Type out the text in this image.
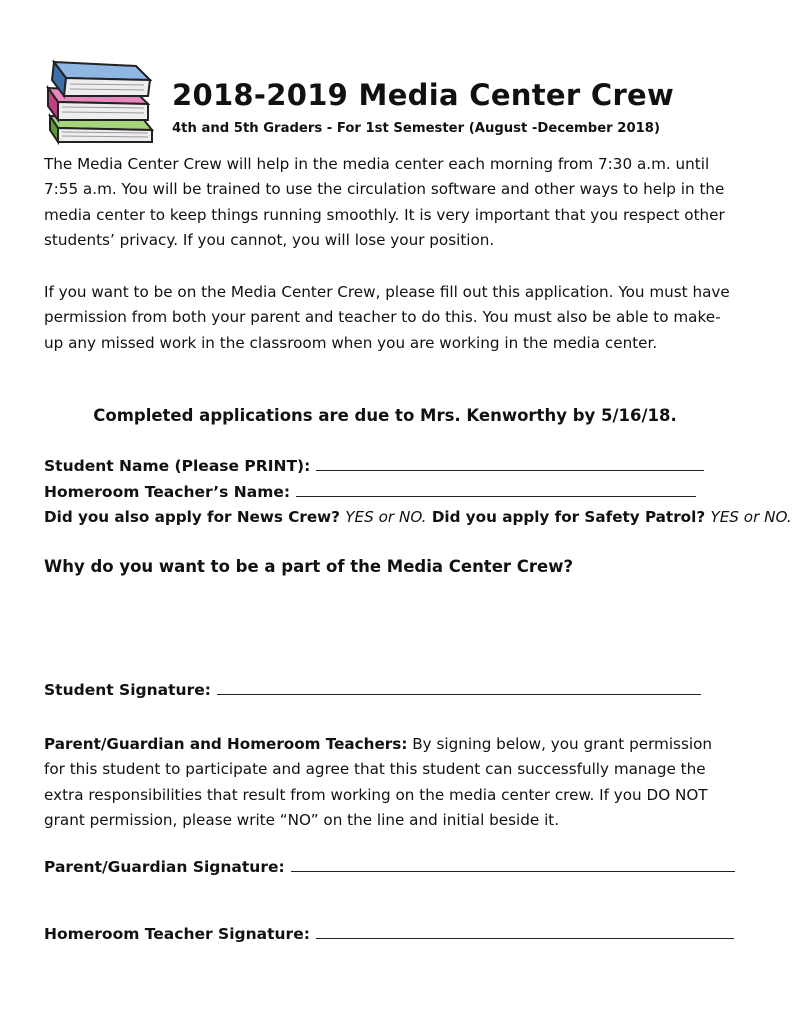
2018-2019 Media Center Crew

4th and 5th Graders - For 1st Semester (August -December 2018)

The Media Center Crew will help in the media center each morning from 7:30 a.m. until 7:55 a.m. You will be trained to use the circulation software and other ways to help in the media center to keep things running smoothly. It is very important that you respect other students’ privacy. If you cannot, you will lose your position.

If you want to be on the Media Center Crew, please fill out this application. You must have permission from both your parent and teacher to do this. You must also be able to make-up any missed work in the classroom when you are working in the media center.

Completed applications are due to Mrs. Kenworthy by 5/16/18.

Student Name (Please PRINT):
Homeroom Teacher’s Name:

Did you also apply for News Crew? YES or NO. Did you apply for Safety Patrol? YES or NO.

Why do you want to be a part of the Media Center Crew?

Student Signature:

Parent/Guardian and Homeroom Teachers: By signing below, you grant permission for this student to participate and agree that this student can successfully manage the extra responsibilities that result from working on the media center crew. If you DO NOT grant permission, please write “NO” on the line and initial beside it.

Parent/Guardian Signature:
Homeroom Teacher Signature:
